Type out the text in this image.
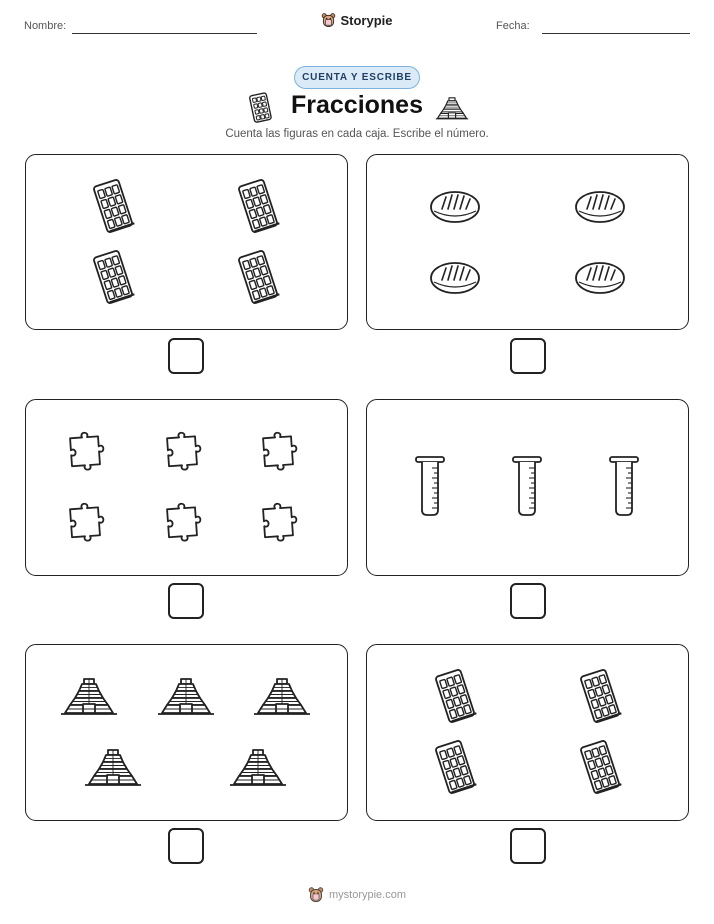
Nombre:	Fecha:
Storypie
CUENTA Y ESCRIBE
Fracciones
Cuenta las figuras en cada caja. Escribe el número.
mystorypie.com
